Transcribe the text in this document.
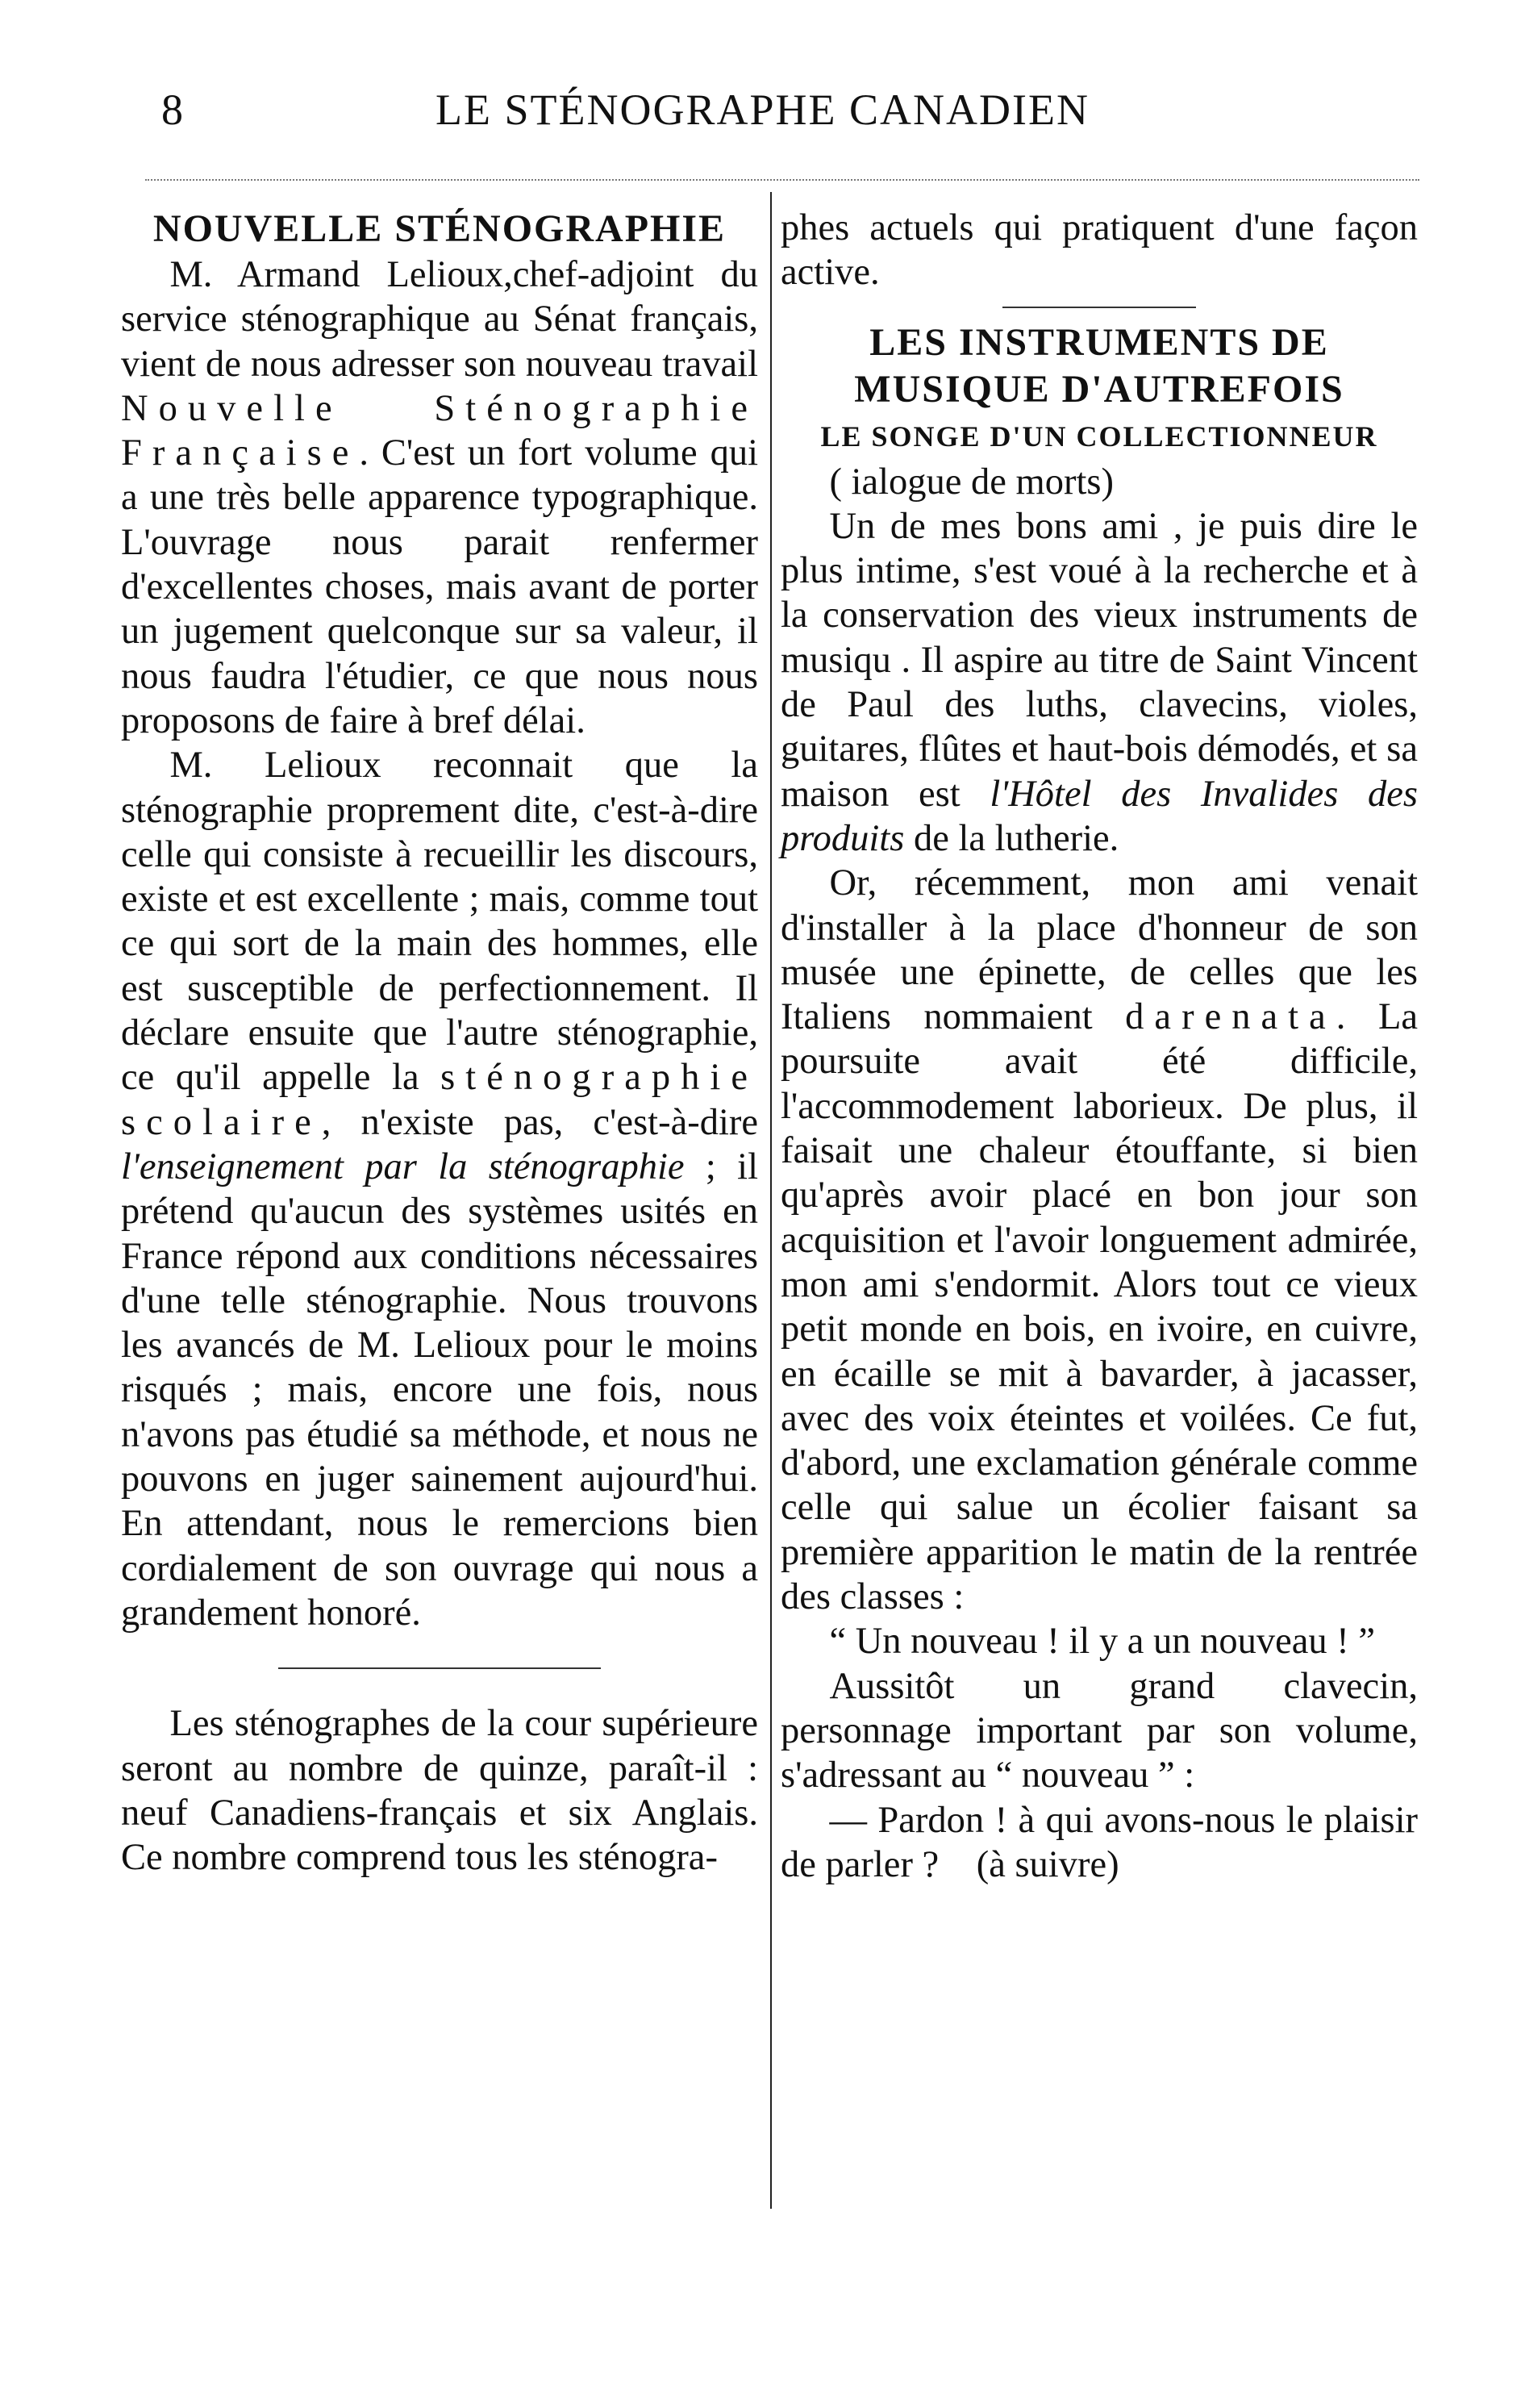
8	LE STÉNOGRAPHE CANADIEN
NOUVELLE STÉNOGRAPHIE

M. Armand Lelioux,chef-adjoint du service sténographique au Sénat français, vient de nous adresser son nouveau travail Nouvelle Sténographie Française. C'est un fort volume qui a une très belle apparence typographique. L'ouvrage nous parait renfermer d'excellentes choses, mais avant de porter un jugement quelconque sur sa valeur, il nous faudra l'étudier, ce que nous nous proposons de faire à bref délai.

M. Lelioux reconnait que la sténographie proprement dite, c'est-à-dire celle qui consiste à recueillir les discours, existe et est excellente ; mais, comme tout ce qui sort de la main des hommes, elle est susceptible de perfectionnement. Il déclare ensuite que l'autre sténographie, ce qu'il appelle la sténographie scolaire, n'existe pas, c'est-à-dire l'enseignement par la sténographie ; il prétend qu'aucun des systèmes usités en France répond aux conditions nécessaires d'une telle sténographie. Nous trouvons les avancés de M. Lelioux pour le moins risqués ; mais, encore une fois, nous n'avons pas étudié sa méthode, et nous ne pouvons en juger sainement aujourd'hui. En attendant, nous le remercions bien cordialement de son ouvrage qui nous a grandement honoré.

Les sténographes de la cour supérieure seront au nombre de quinze, paraît-il : neuf Canadiens-français et six Anglais. Ce nombre comprend tous les sténogra-

phes actuels qui pratiquent d'une façon active.

LES INSTRUMENTS DE MUSIQUE D'AUTREFOIS
LE SONGE D'UN COLLECTIONNEUR

( ialogue de morts)

Un de mes bons ami , je puis dire le plus intime, s'est voué à la recherche et à la conservation des vieux instruments de musiqu . Il aspire au titre de Saint Vincent de Paul des luths, clavecins, violes, guitares, flûtes et haut-bois démodés, et sa maison est l'Hôtel des Invalides des produits de la lutherie.

Or, récemment, mon ami venait d'installer à la place d'honneur de son musée une épinette, de celles que les Italiens nommaient darenata. La poursuite avait été difficile, l'accommodement laborieux. De plus, il faisait une chaleur étouffante, si bien qu'après avoir placé en bon jour son acquisition et l'avoir longuement admirée, mon ami s'endormit. Alors tout ce vieux petit monde en bois, en ivoire, en cuivre, en écaille se mit à bavarder, à jacasser, avec des voix éteintes et voilées. Ce fut, d'abord, une exclamation générale comme celle qui salue un écolier faisant sa première apparition le matin de la rentrée des classes :

“ Un nouveau ! il y a un nouveau ! ”

Aussitôt un grand clavecin, personnage important par son volume, s'adressant au “ nouveau ” :

— Pardon ! à qui avons-nous le plaisir de parler ? (à suivre)
